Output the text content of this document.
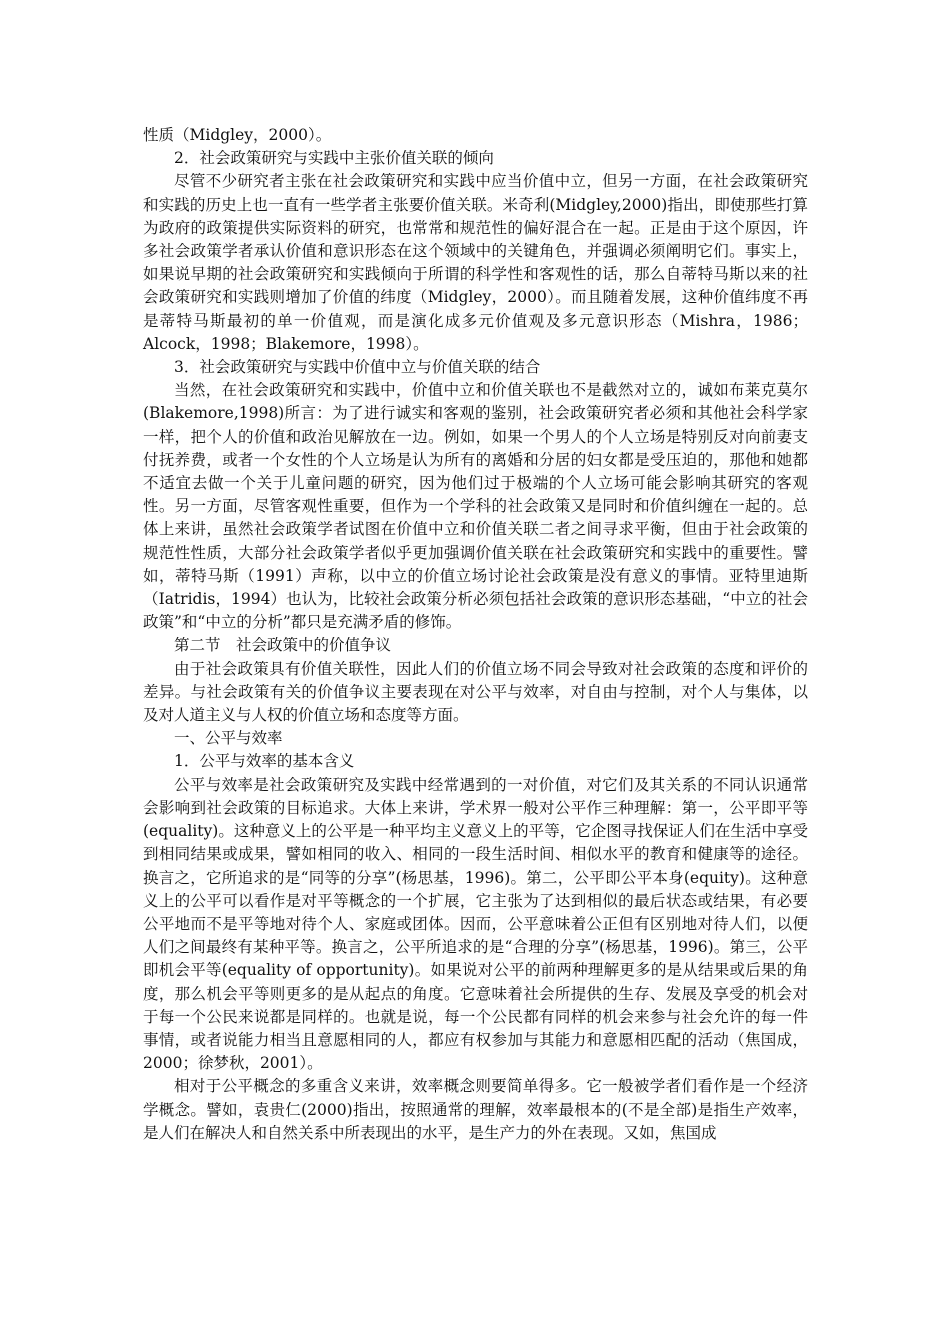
性质（Midgley，2000）。

2．社会政策研究与实践中主张价值关联的倾向

尽管不少研究者主张在社会政策研究和实践中应当价值中立，但另一方面，在社会政策研究和实践的历史上也一直有一些学者主张要价值关联。米奇利(Midgley,2000)指出，即使那些打算为政府的政策提供实际资料的研究，也常常和规范性的偏好混合在一起。正是由于这个原因，许多社会政策学者承认价值和意识形态在这个领域中的关键角色，并强调必须阐明它们。事实上，如果说早期的社会政策研究和实践倾向于所谓的科学性和客观性的话，那么自蒂特马斯以来的社会政策研究和实践则增加了价值的纬度（Midgley，2000）。而且随着发展，这种价值纬度不再是蒂特马斯最初的单一价值观，而是演化成多元价值观及多元意识形态（Mishra，1986；Alcock，1998；Blakemore，1998）。

3．社会政策研究与实践中价值中立与价值关联的结合

当然，在社会政策研究和实践中，价值中立和价值关联也不是截然对立的，诚如布莱克莫尔(Blakemore,1998)所言：为了进行诚实和客观的鉴别，社会政策研究者必须和其他社会科学家一样，把个人的价值和政治见解放在一边。例如，如果一个男人的个人立场是特别反对向前妻支付抚养费，或者一个女性的个人立场是认为所有的离婚和分居的妇女都是受压迫的，那他和她都不适宜去做一个关于儿童问题的研究，因为他们过于极端的个人立场可能会影响其研究的客观性。另一方面，尽管客观性重要，但作为一个学科的社会政策又是同时和价值纠缠在一起的。总体上来讲，虽然社会政策学者试图在价值中立和价值关联二者之间寻求平衡，但由于社会政策的规范性性质，大部分社会政策学者似乎更加强调价值关联在社会政策研究和实践中的重要性。譬如，蒂特马斯（1991）声称，以中立的价值立场讨论社会政策是没有意义的事情。亚特里迪斯（Iatridis，1994）也认为，比较社会政策分析必须包括社会政策的意识形态基础，“中立的社会政策”和“中立的分析”都只是充满矛盾的修饰。

第二节　社会政策中的价值争议

由于社会政策具有价值关联性，因此人们的价值立场不同会导致对社会政策的态度和评价的差异。与社会政策有关的价值争议主要表现在对公平与效率，对自由与控制，对个人与集体，以及对人道主义与人权的价值立场和态度等方面。

一、公平与效率

1．公平与效率的基本含义

公平与效率是社会政策研究及实践中经常遇到的一对价值，对它们及其关系的不同认识通常会影响到社会政策的目标追求。大体上来讲，学术界一般对公平作三种理解：第一，公平即平等(equality)。这种意义上的公平是一种平均主义意义上的平等，它企图寻找保证人们在生活中享受到相同结果或成果，譬如相同的收入、相同的一段生活时间、相似水平的教育和健康等的途径。换言之，它所追求的是“同等的分享”(杨思基，1996)。第二，公平即公平本身(equity)。这种意义上的公平可以看作是对平等概念的一个扩展，它主张为了达到相似的最后状态或结果，有必要公平地而不是平等地对待个人、家庭或团体。因而，公平意味着公正但有区别地对待人们，以便人们之间最终有某种平等。换言之，公平所追求的是“合理的分享”(杨思基，1996)。第三，公平即机会平等(equality of opportunity)。如果说对公平的前两种理解更多的是从结果或后果的角度，那么机会平等则更多的是从起点的角度。它意味着社会所提供的生存、发展及享受的机会对于每一个公民来说都是同样的。也就是说，每一个公民都有同样的机会来参与社会允许的每一件事情，或者说能力相当且意愿相同的人，都应有权参加与其能力和意愿相匹配的活动（焦国成，2000；徐梦秋，2001）。

相对于公平概念的多重含义来讲，效率概念则要简单得多。它一般被学者们看作是一个经济学概念。譬如，袁贵仁(2000)指出，按照通常的理解，效率最根本的(不是全部)是指生产效率，是人们在解决人和自然关系中所表现出的水平，是生产力的外在表现。又如，焦国成
